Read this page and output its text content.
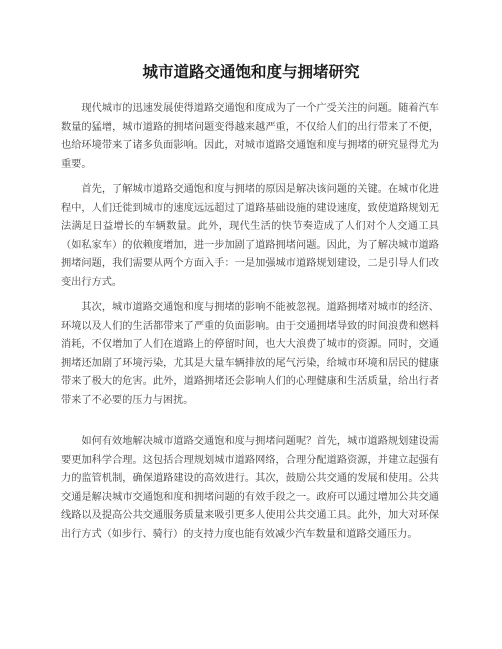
城市道路交通饱和度与拥堵研究

现代城市的迅速发展使得道路交通饱和度成为了一个广受关注的问题。随着汽车数量的猛增，城市道路的拥堵问题变得越来越严重，不仅给人们的出行带来了不便，也给环境带来了诸多负面影响。因此，对城市道路交通饱和度与拥堵的研究显得尤为重要。

首先，了解城市道路交通饱和度与拥堵的原因是解决该问题的关键。在城市化进程中，人们迁徙到城市的速度远远超过了道路基础设施的建设速度，致使道路规划无法满足日益增长的车辆数量。此外，现代生活的快节奏造成了人们对个人交通工具（如私家车）的依赖度增加，进一步加剧了道路拥堵问题。因此，为了解决城市道路拥堵问题，我们需要从两个方面入手：一是加强城市道路规划建设，二是引导人们改变出行方式。

其次，城市道路交通饱和度与拥堵的影响不能被忽视。道路拥堵对城市的经济、环境以及人们的生活都带来了严重的负面影响。由于交通拥堵导致的时间浪费和燃料消耗，不仅增加了人们在道路上的停留时间，也大大浪费了城市的资源。同时，交通拥堵还加剧了环境污染，尤其是大量车辆排放的尾气污染，给城市环境和居民的健康带来了极大的危害。此外，道路拥堵还会影响人们的心理健康和生活质量，给出行者带来了不必要的压力与困扰。

如何有效地解决城市道路交通饱和度与拥堵问题呢？首先，城市道路规划建设需要更加科学合理。这包括合理规划城市道路网络，合理分配道路资源，并建立起强有力的监管机制，确保道路建设的高效进行。其次，鼓励公共交通的发展和使用。公共交通是解决城市交通饱和度和拥堵问题的有效手段之一。政府可以通过增加公共交通线路以及提高公共交通服务质量来吸引更多人使用公共交通工具。此外，加大对环保出行方式（如步行、骑行）的支持力度也能有效减少汽车数量和道路交通压力。
